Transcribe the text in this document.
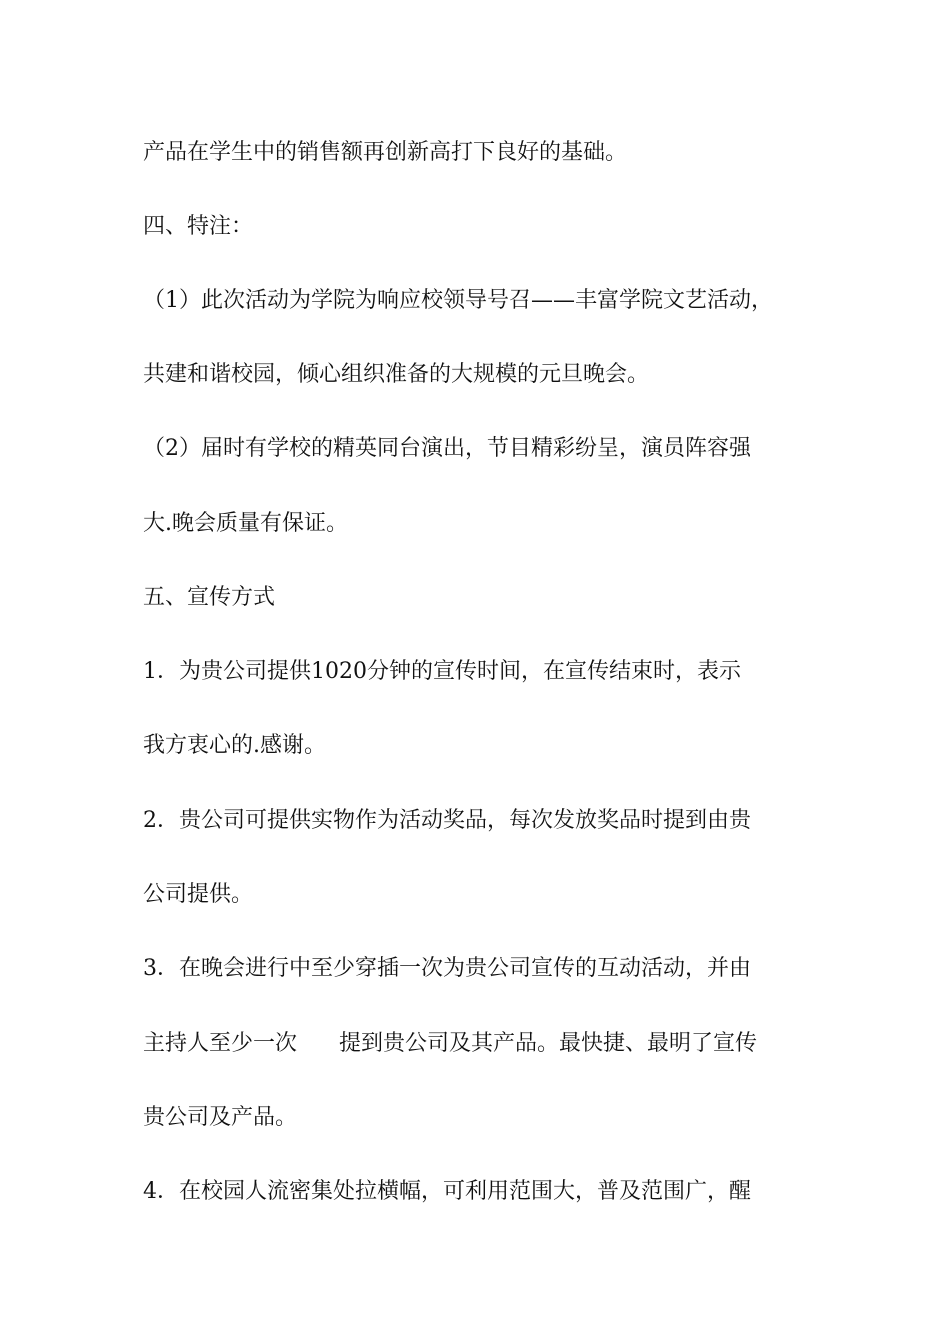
产品在学生中的销售额再创新高打下良好的基础。
四、特注：
（1）此次活动为学院为响应校领导号召——丰富学院文艺活动，
共建和谐校园，倾心组织准备的大规模的元旦晚会。
（2）届时有学校的精英同台演出，节目精彩纷呈，演员阵容强
大.晚会质量有保证。
五、宣传方式
1．为贵公司提供1020分钟的宣传时间，在宣传结束时，表示
我方衷心的.感谢。
2．贵公司可提供实物作为活动奖品，每次发放奖品时提到由贵
公司提供。
3．在晚会进行中至少穿插一次为贵公司宣传的互动活动，并由
主持人至少一次      提到贵公司及其产品。最快捷、最明了宣传
贵公司及产品。
4．在校园人流密集处拉横幅，可利用范围大，普及范围广，醒
